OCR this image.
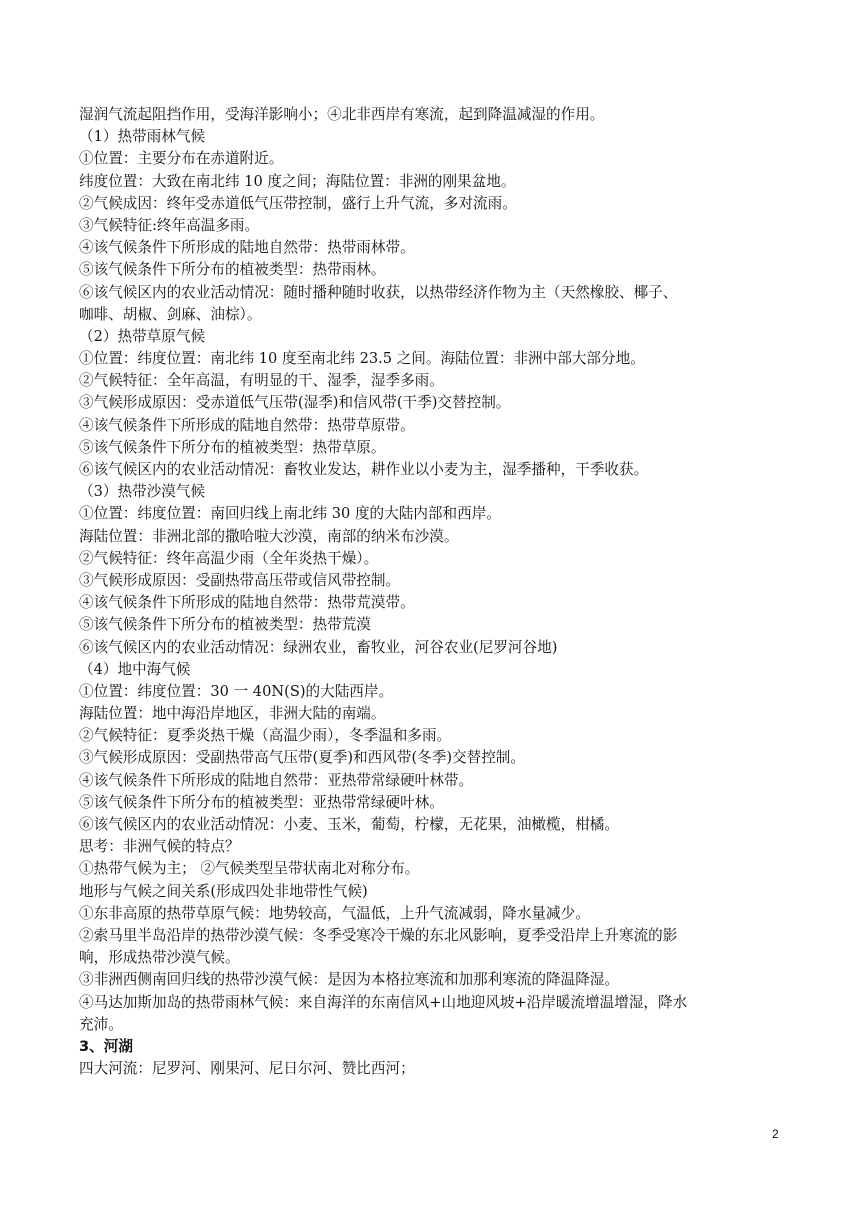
湿润气流起阻挡作用，受海洋影响小；④北非西岸有寒流，起到降温减湿的作用。
（1）热带雨林气候
①位置：主要分布在赤道附近。
纬度位置：大致在南北纬 10 度之间；海陆位置：非洲的刚果盆地。
②气候成因：终年受赤道低气压带控制，盛行上升气流，多对流雨。
③气候特征:终年高温多雨。
④该气候条件下所形成的陆地自然带：热带雨林带。
⑤该气候条件下所分布的植被类型：热带雨林。
⑥该气候区内的农业活动情况：随时播种随时收获，以热带经济作物为主（天然橡胶、椰子、
咖啡、胡椒、剑麻、油棕）。
（2）热带草原气候
①位置：纬度位置：南北纬 10 度至南北纬 23.5 之间。海陆位置：非洲中部大部分地。
②气候特征：全年高温，有明显的干、湿季，湿季多雨。
③气候形成原因：受赤道低气压带(湿季)和信风带(干季)交替控制。
④该气候条件下所形成的陆地自然带：热带草原带。
⑤该气候条件下所分布的植被类型：热带草原。
⑥该气候区内的农业活动情况：畜牧业发达，耕作业以小麦为主，湿季播种，干季收获。
（3）热带沙漠气候
①位置：纬度位置：南回归线上南北纬 30 度的大陆内部和西岸。
海陆位置：非洲北部的撒哈啦大沙漠，南部的纳米布沙漠。
②气候特征：终年高温少雨（全年炎热干燥）。
③气候形成原因：受副热带高压带或信风带控制。
④该气候条件下所形成的陆地自然带：热带荒漠带。
⑤该气候条件下所分布的植被类型：热带荒漠
⑥该气候区内的农业活动情况：绿洲农业，畜牧业，河谷农业(尼罗河谷地)
（4）地中海气候
①位置：纬度位置：30 一 40N(S)的大陆西岸。
海陆位置：地中海沿岸地区，非洲大陆的南端。
②气候特征：夏季炎热干燥（高温少雨），冬季温和多雨。
③气候形成原因：受副热带高气压带(夏季)和西风带(冬季)交替控制。
④该气候条件下所形成的陆地自然带：亚热带常绿硬叶林带。
⑤该气候条件下所分布的植被类型：亚热带常绿硬叶林。
⑥该气候区内的农业活动情况：小麦、玉米，葡萄，柠檬，无花果，油橄榄，柑橘。
思考：非洲气候的特点？
①热带气候为主； ②气候类型呈带状南北对称分布。
地形与气候之间关系(形成四处非地带性气候)
①东非高原的热带草原气候：地势较高，气温低，上升气流减弱，降水量减少。
②索马里半岛沿岸的热带沙漠气候：冬季受寒冷干燥的东北风影响，夏季受沿岸上升寒流的影
响，形成热带沙漠气候。
③非洲西侧南回归线的热带沙漠气候：是因为本格拉寒流和加那利寒流的降温降湿。
④马达加斯加岛的热带雨林气候：来自海洋的东南信风+山地迎风坡+沿岸暖流增温增湿，降水
充沛。
3、河湖
四大河流：尼罗河、刚果河、尼日尔河、赞比西河；
2
